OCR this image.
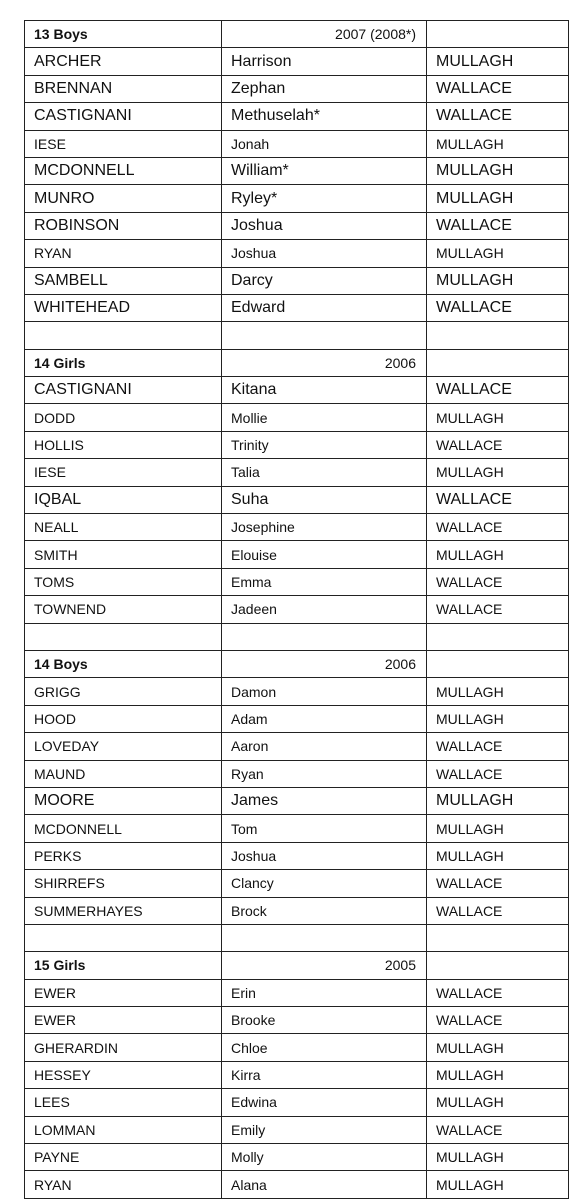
13 Boys	2007 (2008*)	
ARCHER	Harrison	MULLAGH
BRENNAN	Zephan	WALLACE
CASTIGNANI	Methuselah*	WALLACE
IESE	Jonah	MULLAGH
MCDONNELL	William*	MULLAGH
MUNRO	Ryley*	MULLAGH
ROBINSON	Joshua	WALLACE
RYAN	Joshua	MULLAGH
SAMBELL	Darcy	MULLAGH
WHITEHEAD	Edward	WALLACE

14 Girls	2006	
CASTIGNANI	Kitana	WALLACE
DODD	Mollie	MULLAGH
HOLLIS	Trinity	WALLACE
IESE	Talia	MULLAGH
IQBAL	Suha	WALLACE
NEALL	Josephine	WALLACE
SMITH	Elouise	MULLAGH
TOMS	Emma	WALLACE
TOWNEND	Jadeen	WALLACE

14 Boys	2006	
GRIGG	Damon	MULLAGH
HOOD	Adam	MULLAGH
LOVEDAY	Aaron	WALLACE
MAUND	Ryan	WALLACE
MOORE	James	MULLAGH
MCDONNELL	Tom	MULLAGH
PERKS	Joshua	MULLAGH
SHIRREFS	Clancy	WALLACE
SUMMERHAYES	Brock	WALLACE

15 Girls	2005	
EWER	Erin	WALLACE
EWER	Brooke	WALLACE
GHERARDIN	Chloe	MULLAGH
HESSEY	Kirra	MULLAGH
LEES	Edwina	MULLAGH
LOMMAN	Emily	WALLACE
PAYNE	Molly	MULLAGH
RYAN	Alana	MULLAGH
